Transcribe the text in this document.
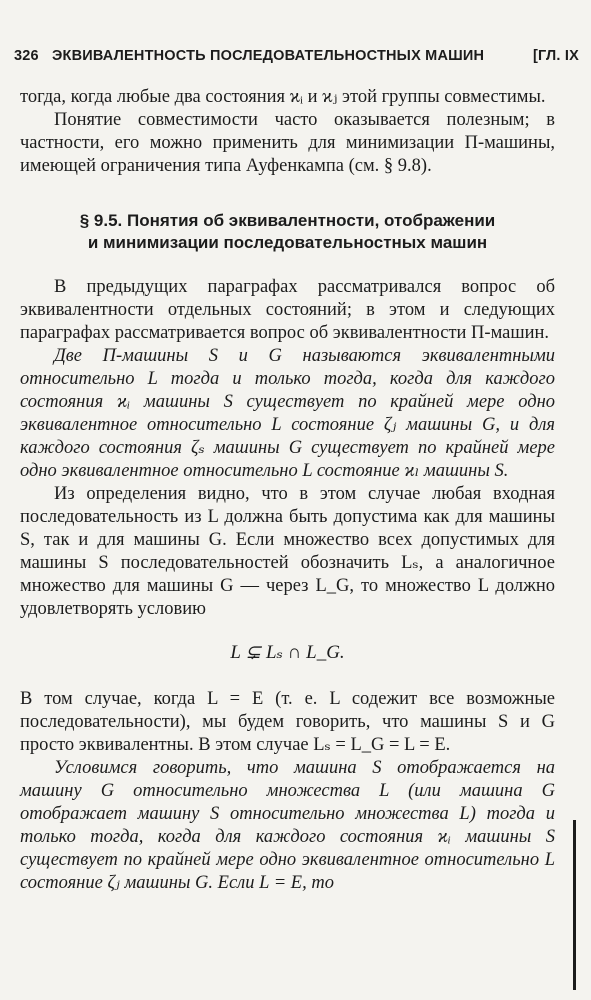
326 ЭКВИВАЛЕНТНОСТЬ ПОСЛЕДОВАТЕЛЬНОСТНЫХ МАШИН	[ГЛ. IX

тогда, когда любые два состояния ϰᵢ и ϰⱼ этой группы совместимы.

Понятие совместимости часто оказывается полезным; в частности, его можно применить для минимизации П-машины, имеющей ограничения типа Ауфенкампа (см. § 9.8).

§ 9.5. Понятия об эквивалентности, отображении
и минимизации последовательностных машин

В предыдущих параграфах рассматривался вопрос об эквивалентности отдельных состояний; в этом и следующих параграфах рассматривается вопрос об эквивалентности П-машин.

Две П-машины S и G называются эквивалентными относительно L тогда и только тогда, когда для каждого состояния ϰᵢ машины S существует по крайней мере одно эквивалентное относительно L состояние ζⱼ машины G, и для каждого состояния ζₛ машины G существует по крайней мере одно эквивалентное относительно L состояние ϰₗ машины S.

Из определения видно, что в этом случае любая входная последовательность из L должна быть допустима как для машины S, так и для машины G. Если множество всех допустимых для машины S последовательностей обозначить Lₛ, а аналогичное множество для машины G — через L_G, то множество L должно удовлетворять условию

L ⊊ Lₛ ∩ L_G.

В том случае, когда L = E (т. е. L содежит все возможные последовательности), мы будем говорить, что машины S и G просто эквивалентны. В этом случае Lₛ = L_G = L = E.

Условимся говорить, что машина S отображается на машину G относительно множества L (или машина G отображает машину S относительно множества L) тогда и только тогда, когда для каждого состояния ϰᵢ машины S существует по крайней мере одно эквивалентное относительно L состояние ζⱼ машины G. Если L = E, то
